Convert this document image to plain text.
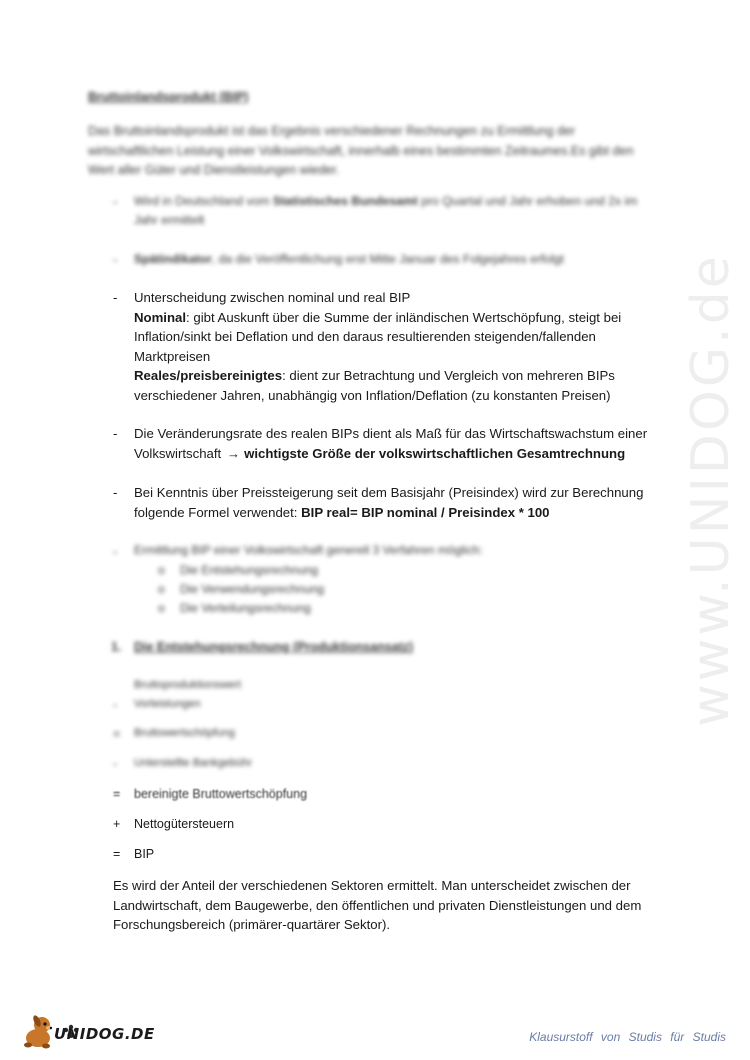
www.UNIDOG.de
Bruttoinlandsprodukt (BIP)
Das Bruttoinlandsprodukt ist das Ergebnis verschiedener Rechnungen zu Ermittlung der wirtschaftlichen Leistung einer Volkswirtschaft, innerhalb eines bestimmten Zeitraumes.Es gibt den Wert aller Güter und Dienstleistungen wieder.
- Wird in Deutschland vom Statistisches Bundesamt pro Quartal und Jahr erhoben und 2x im Jahr ermittelt
- Spätindikator, da die Veröffentlichung erst Mitte Januar des Folgejahres erfolgt
- Unterscheidung zwischen nominal und real BIP
Nominal: gibt Auskunft über die Summe der inländischen Wertschöpfung, steigt bei Inflation/sinkt bei Deflation und den daraus resultierenden steigenden/fallenden Marktpreisen
Reales/preisbereinigtes: dient zur Betrachtung und Vergleich von mehreren BIPs verschiedener Jahren, unabhängig von Inflation/Deflation (zu konstanten Preisen)
- Die Veränderungsrate des realen BIPs dient als Maß für das Wirtschaftswachstum einer Volkswirtschaft → wichtigste Größe der volkswirtschaftlichen Gesamtrechnung
- Bei Kenntnis über Preissteigerung seit dem Basisjahr (Preisindex) wird zur Berechnung folgende Formel verwendet: BIP real= BIP nominal / Preisindex * 100
- Ermittlung BIP einer Volkswirtschaft generell 3 Verfahren möglich:
o Die Entstehungsrechnung
o Die Verwendungsrechnung
o Die Verteilungsrechnung
1. Die Entstehungsrechnung (Produktionsansatz)
Bruttoproduktionswert
- Vorleistungen
= Bruttowertschöpfung
- Unterstellte Bankgebühr
= bereinigte Bruttowertschöpfung
+ Nettogütersteuern
= BIP
Es wird der Anteil der verschiedenen Sektoren ermittelt. Man unterscheidet zwischen der Landwirtschaft, dem Baugewerbe, den öffentlichen und privaten Dienstleistungen und dem Forschungsbereich (primärer-quartärer Sektor).
UNIDOG.DE	Klausurstoff von Studis für Studis
